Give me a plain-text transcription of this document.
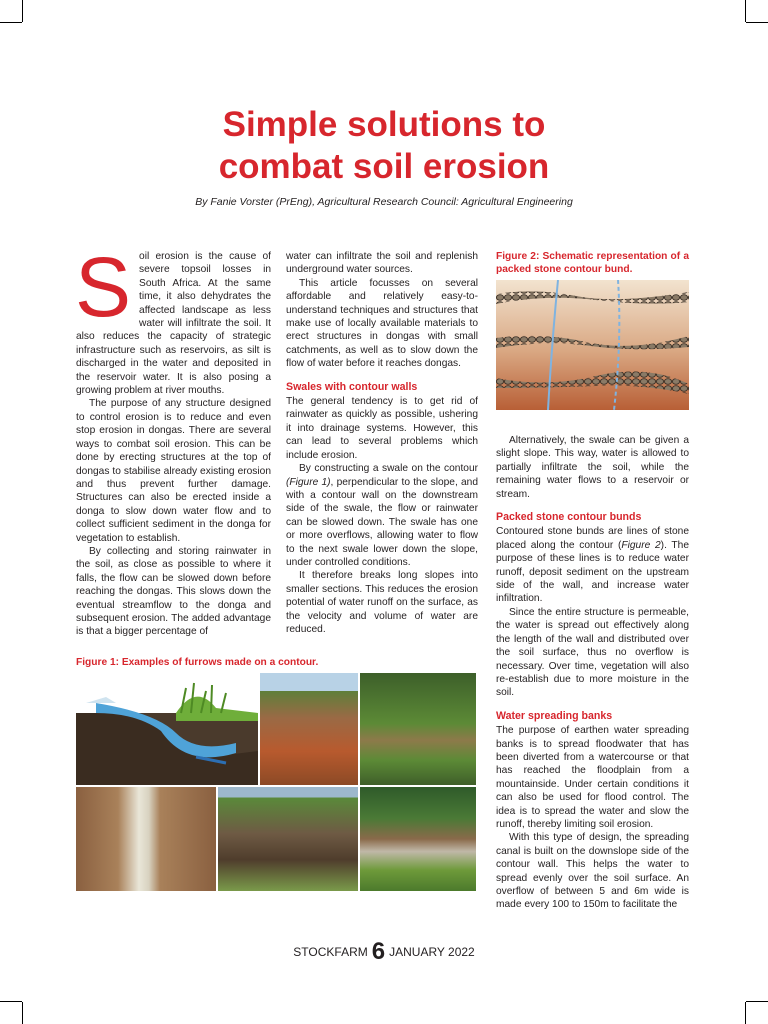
Simple solutions to
combat soil erosion
By Fanie Vorster (PrEng), Agricultural Research Council: Agricultural Engineering

Soil erosion is the cause of severe topsoil losses in South Africa. At the same time, it also dehydrates the affected landscape as less water will infiltrate the soil. It also reduces the capacity of strategic infrastructure such as reservoirs, as silt is discharged in the water and deposited in the reservoir water. It is also posing a growing problem at river mouths.

The purpose of any structure designed to control erosion is to reduce and even stop erosion in dongas. There are several ways to combat soil erosion. This can be done by erecting structures at the top of dongas to stabilise already existing erosion and thus prevent further damage. Structures can also be erected inside a donga to slow down water flow and to collect sufficient sediment in the donga for vegetation to establish.

By collecting and storing rainwater in the soil, as close as possible to where it falls, the flow can be slowed down before reaching the dongas. This slows down the eventual streamflow to the donga and subsequent erosion. The added advantage is that a bigger percentage of

water can infiltrate the soil and replenish underground water sources.

This article focusses on several affordable and relatively easy-to-understand techniques and structures that make use of locally available materials to erect structures in dongas with small catchments, as well as to slow down the flow of water before it reaches dongas.

Swales with contour walls

The general tendency is to get rid of rainwater as quickly as possible, ushering it into drainage systems. However, this can lead to several problems which include erosion.

By constructing a swale on the contour (Figure 1), perpendicular to the slope, and with a contour wall on the downstream side of the swale, the flow or rainwater can be slowed down. The swale has one or more overflows, allowing water to flow to the next swale lower down the slope, under controlled conditions.

It therefore breaks long slopes into smaller sections. This reduces the erosion potential of water runoff on the surface, as the velocity and volume of water are reduced.

Figure 2: Schematic representation of a packed stone contour bund.

Alternatively, the swale can be given a slight slope. This way, water is allowed to partially infiltrate the soil, while the remaining water flows to a reservoir or stream.

Packed stone contour bunds

Contoured stone bunds are lines of stone placed along the contour (Figure 2). The purpose of these lines is to reduce water runoff, deposit sediment on the upstream side of the wall, and increase water infiltration.

Since the entire structure is permeable, the water is spread out effectively along the length of the wall and distributed over the soil surface, thus no overflow is necessary. Over time, vegetation will also re-establish due to more moisture in the soil.

Water spreading banks

The purpose of earthen water spreading banks is to spread floodwater that has been diverted from a watercourse or that has reached the floodplain from a mountainside. Under certain conditions it can also be used for flood control. The idea is to spread the water and slow the runoff, thereby limiting soil erosion.

With this type of design, the spreading canal is built on the downslope side of the contour wall. This helps the water to spread evenly over the soil surface. An overflow of between 5 and 6m wide is made every 100 to 150m to facilitate the

Figure 1: Examples of furrows made on a contour.
STOCKFARM 6 JANUARY 2022
